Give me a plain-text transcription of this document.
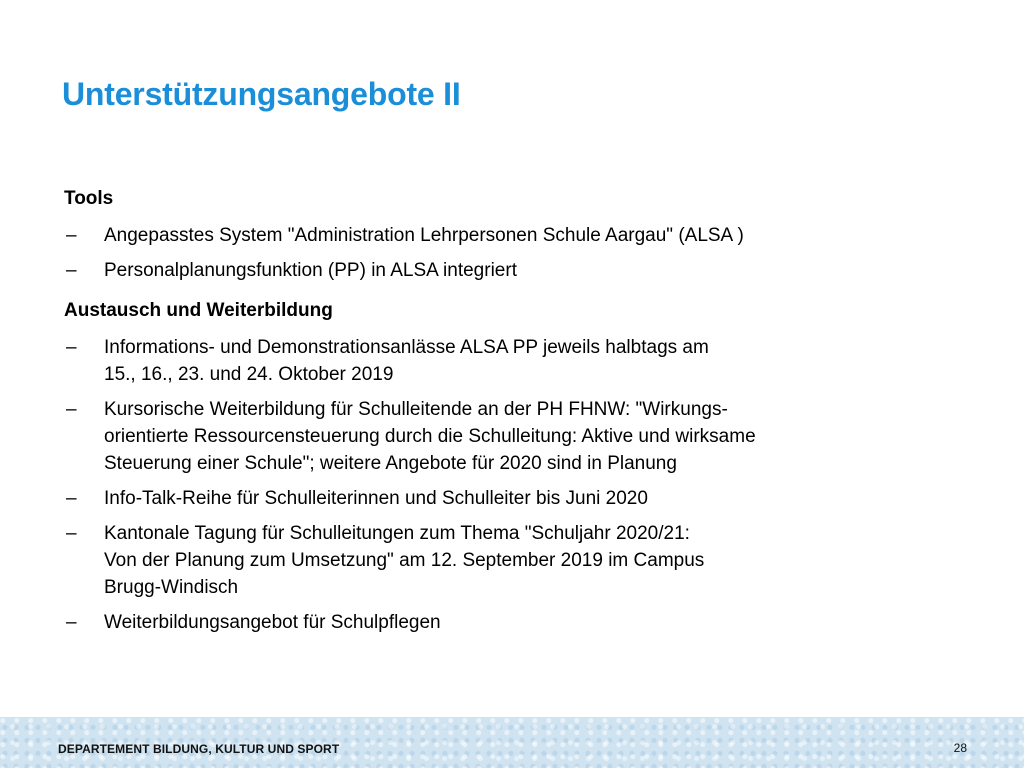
Unterstützungsangebote II

Tools

– Angepasstes System "Administration Lehrpersonen Schule Aargau" (ALSA )
– Personalplanungsfunktion (PP) in ALSA integriert

Austausch und Weiterbildung

– Informations- und Demonstrationsanlässe ALSA PP jeweils halbtags am
15., 16., 23. und 24. Oktober 2019
– Kursorische Weiterbildung für Schulleitende an der PH FHNW: "Wirkungs-
orientierte Ressourcensteuerung durch die Schulleitung: Aktive und wirksame
Steuerung einer Schule"; weitere Angebote für 2020 sind in Planung
– Info-Talk-Reihe für Schulleiterinnen und Schulleiter bis Juni 2020
– Kantonale Tagung für Schulleitungen zum Thema "Schuljahr 2020/21:
Von der Planung zum Umsetzung" am 12. September 2019 im Campus
Brugg-Windisch
– Weiterbildungsangebot für Schulpflegen
DEPARTEMENT BILDUNG, KULTUR UND SPORT	28
